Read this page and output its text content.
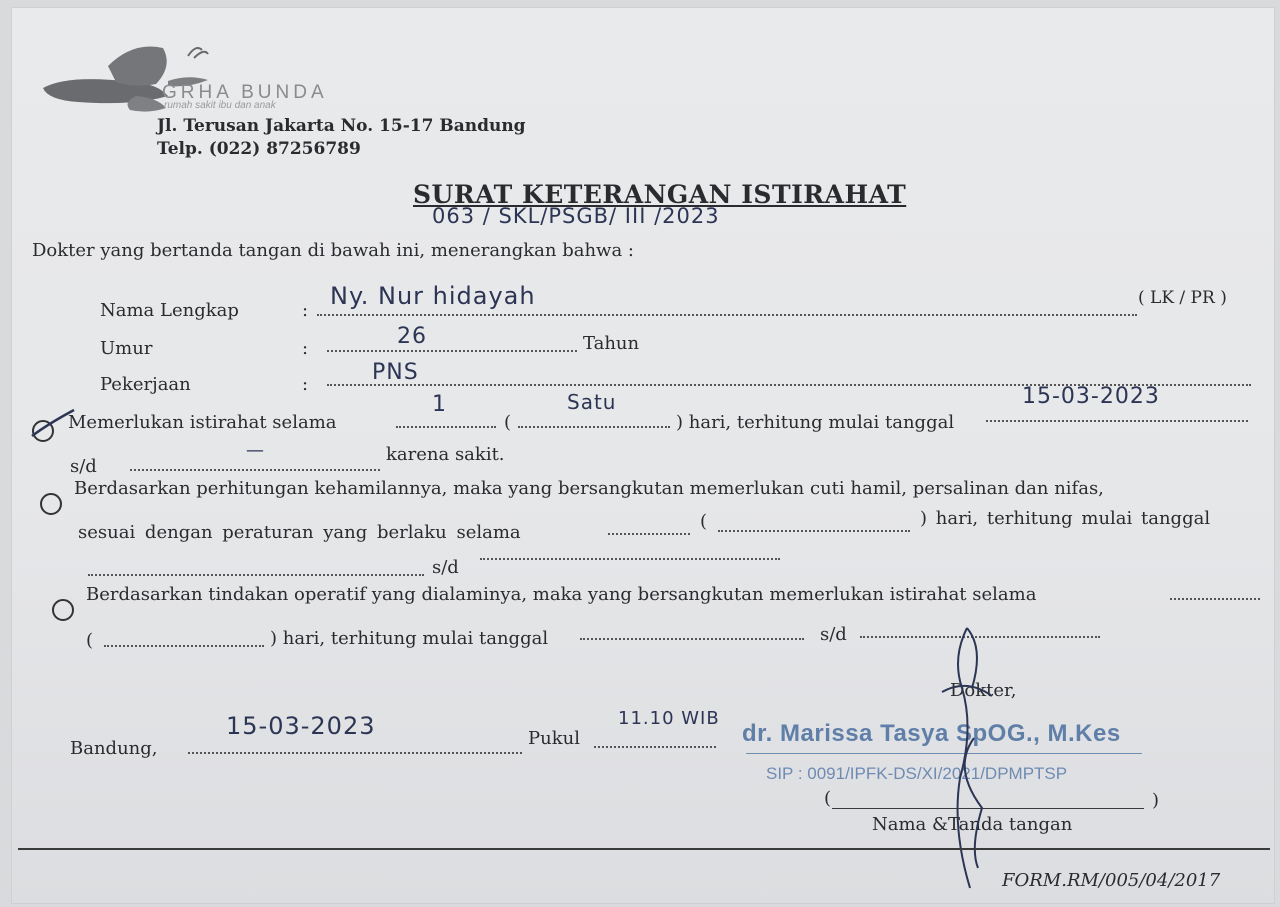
GRHA BUNDA
rumah sakit ibu dan anak
Jl. Terusan Jakarta No. 15-17 Bandung
Telp. (022) 87256789
SURAT KETERANGAN ISTIRAHAT
063 / SKL/PSGB/ III /2023
Dokter yang bertanda tangan di bawah ini, menerangkan bahwa :
Nama Lengkap	:
Ny. Nur hidayah	( LK / PR )
Umur	:	26	Tahun
Pekerjaan	:	PNS
Memerlukan istirahat selama
1
(
Satu
) hari, terhitung mulai tanggal
15-03-2023
s/d
—	karena sakit.
Berdasarkan perhitungan kehamilannya, maka yang bersangkutan memerlukan cuti hamil, persalinan dan nifas,
sesuai dengan peraturan yang berlaku selama
(	) hari, terhitung mulai tanggal
s/d
Berdasarkan tindakan operatif yang dialaminya, maka yang bersangkutan memerlukan istirahat selama
(	) hari, terhitung mulai tanggal	s/d
Dokter,
Bandung,
15-03-2023	Pukul
11.10 WIB
dr. Marissa Tasya SpOG., M.Kes
SIP : 0091/IPFK-DS/XI/2021/DPMPTSP
(	)
Nama &Tanda tangan
FORM.RM/005/04/2017
